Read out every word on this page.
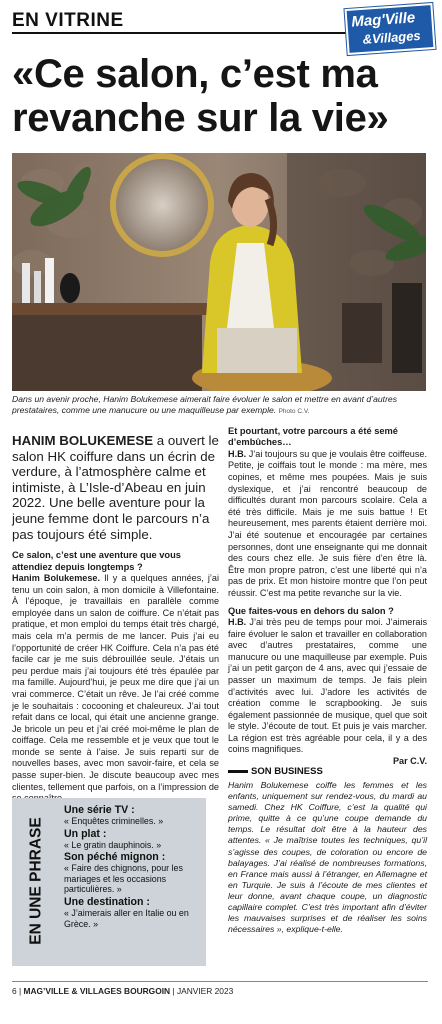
EN VITRINE	Mag'Ville
&Villages
«Ce salon, c’est ma revanche sur la vie»

Dans un avenir proche, Hanim Bolukemese aimerait faire évoluer le salon et mettre en avant d’autres prestataires, comme une manucure ou une maquilleuse par exemple. Photo C.V.

HANIM BOLUKEMESE a ouvert le salon HK coiffure dans un écrin de verdure, à l’atmosphère calme et intimiste, à L’Isle-d’Abeau en juin 2022. Une belle aventure pour la jeune femme dont le parcours n’a pas toujours été simple.

Ce salon, c’est une aventure que vous attendiez depuis longtemps ?

Hanim Bolukemese. Il y a quelques années, j’ai tenu un coin salon, à mon domicile à Villefontaine. À l’époque, je travaillais en parallèle comme employée dans un salon de coiffure. Ce n’était pas pratique, et mon emploi du temps était très chargé, mais cela m’a permis de me lancer. Puis j’ai eu l’opportunité de créer HK Coiffure. Cela n’a pas été facile car je me suis débrouillée seule. J’étais un peu perdue mais j’ai toujours été très épaulée par ma famille. Aujourd’hui, je peux me dire que j’ai un vrai commerce. C’était un rêve. Je l’ai créé comme je le souhaitais : cocooning et chaleureux. J’ai tout refait dans ce local, qui était une ancienne grange. Je bricole un peu et j’ai créé moi-même le plan de coiffage. Cela me ressemble et je veux que tout le monde se sente à l’aise. Je suis reparti sur de nouvelles bases, avec mon savoir-faire, et cela se passe super-bien. Je discute beaucoup avec mes clientes, tellement que parfois, on a l’impression de

Et pourtant, votre parcours a été semé d’embûches…

H.B. J’ai toujours su que je voulais être coiffeuse. Petite, je coiffais tout le monde : ma mère, mes copines, et même mes poupées. Mais je suis dyslexique, et j’ai rencontré beaucoup de difficultés durant mon parcours scolaire. Cela a été très difficile. Mais je me suis battue ! Et heureusement, mes parents étaient derrière moi. J’ai été soutenue et encouragée par certaines personnes, dont une enseignante qui me donnait des cours chez elle. Je suis fière d’en être là. Être mon propre patron, c’est une liberté qui n’a pas de prix. Et mon histoire montre que l’on peut réussir. C’est ma petite revanche sur la vie.

Que faites-vous en dehors du salon ?

H.B. J’ai très peu de temps pour moi. J’aimerais faire évoluer le salon et travailler en collaboration avec d’autres prestataires, comme une manucure ou une maquilleuse par exemple. Puis j’ai un petit garçon de 4 ans, avec qui j’essaie de passer un maximum de temps. Je fais plein d’activités avec lui. J’adore les activités de création comme le scrapbooking. Je suis également passionnée de musique, quel que soit le style. J’écoute de tout. Et puis je vais marcher. La région est très agréable pour cela, il y a des coins magnifiques.

Par C.V.

EN UNE PHRASE
Une série TV :
« Enquêtes criminelles. »
Un plat :
« Le gratin dauphinois. »
Son péché mignon :
« Faire des chignons, pour les mariages et les occasions particulières. »
Une destination :
« J’aimerais aller en Italie ou en Grèce. »
SON BUSINESS

Hanim Bolukemese coiffe les femmes et les enfants, uniquement sur rendez-vous, du mardi au samedi. Chez HK Coiffure, c’est la qualité qui prime, quitte à ce qu’une coupe demande du temps. Le résultat doit être à la hauteur des attentes. « Je maîtrise toutes les techniques, qu’il s’agisse des coupes, de coloration ou encore de balayages. J’ai réalisé de nombreuses formations, en France mais aussi à l’étranger, en Allemagne et en Turquie. Je suis à l’écoute de mes clientes et leur donne, avant chaque coupe, un diagnostic capillaire complet. C’est très important afin d’éviter les mauvaises surprises et de réaliser les soins nécessaires », explique-t-elle.

6 | MAG’VILLE & VILLAGES BOURGOIN | JANVIER 2023
